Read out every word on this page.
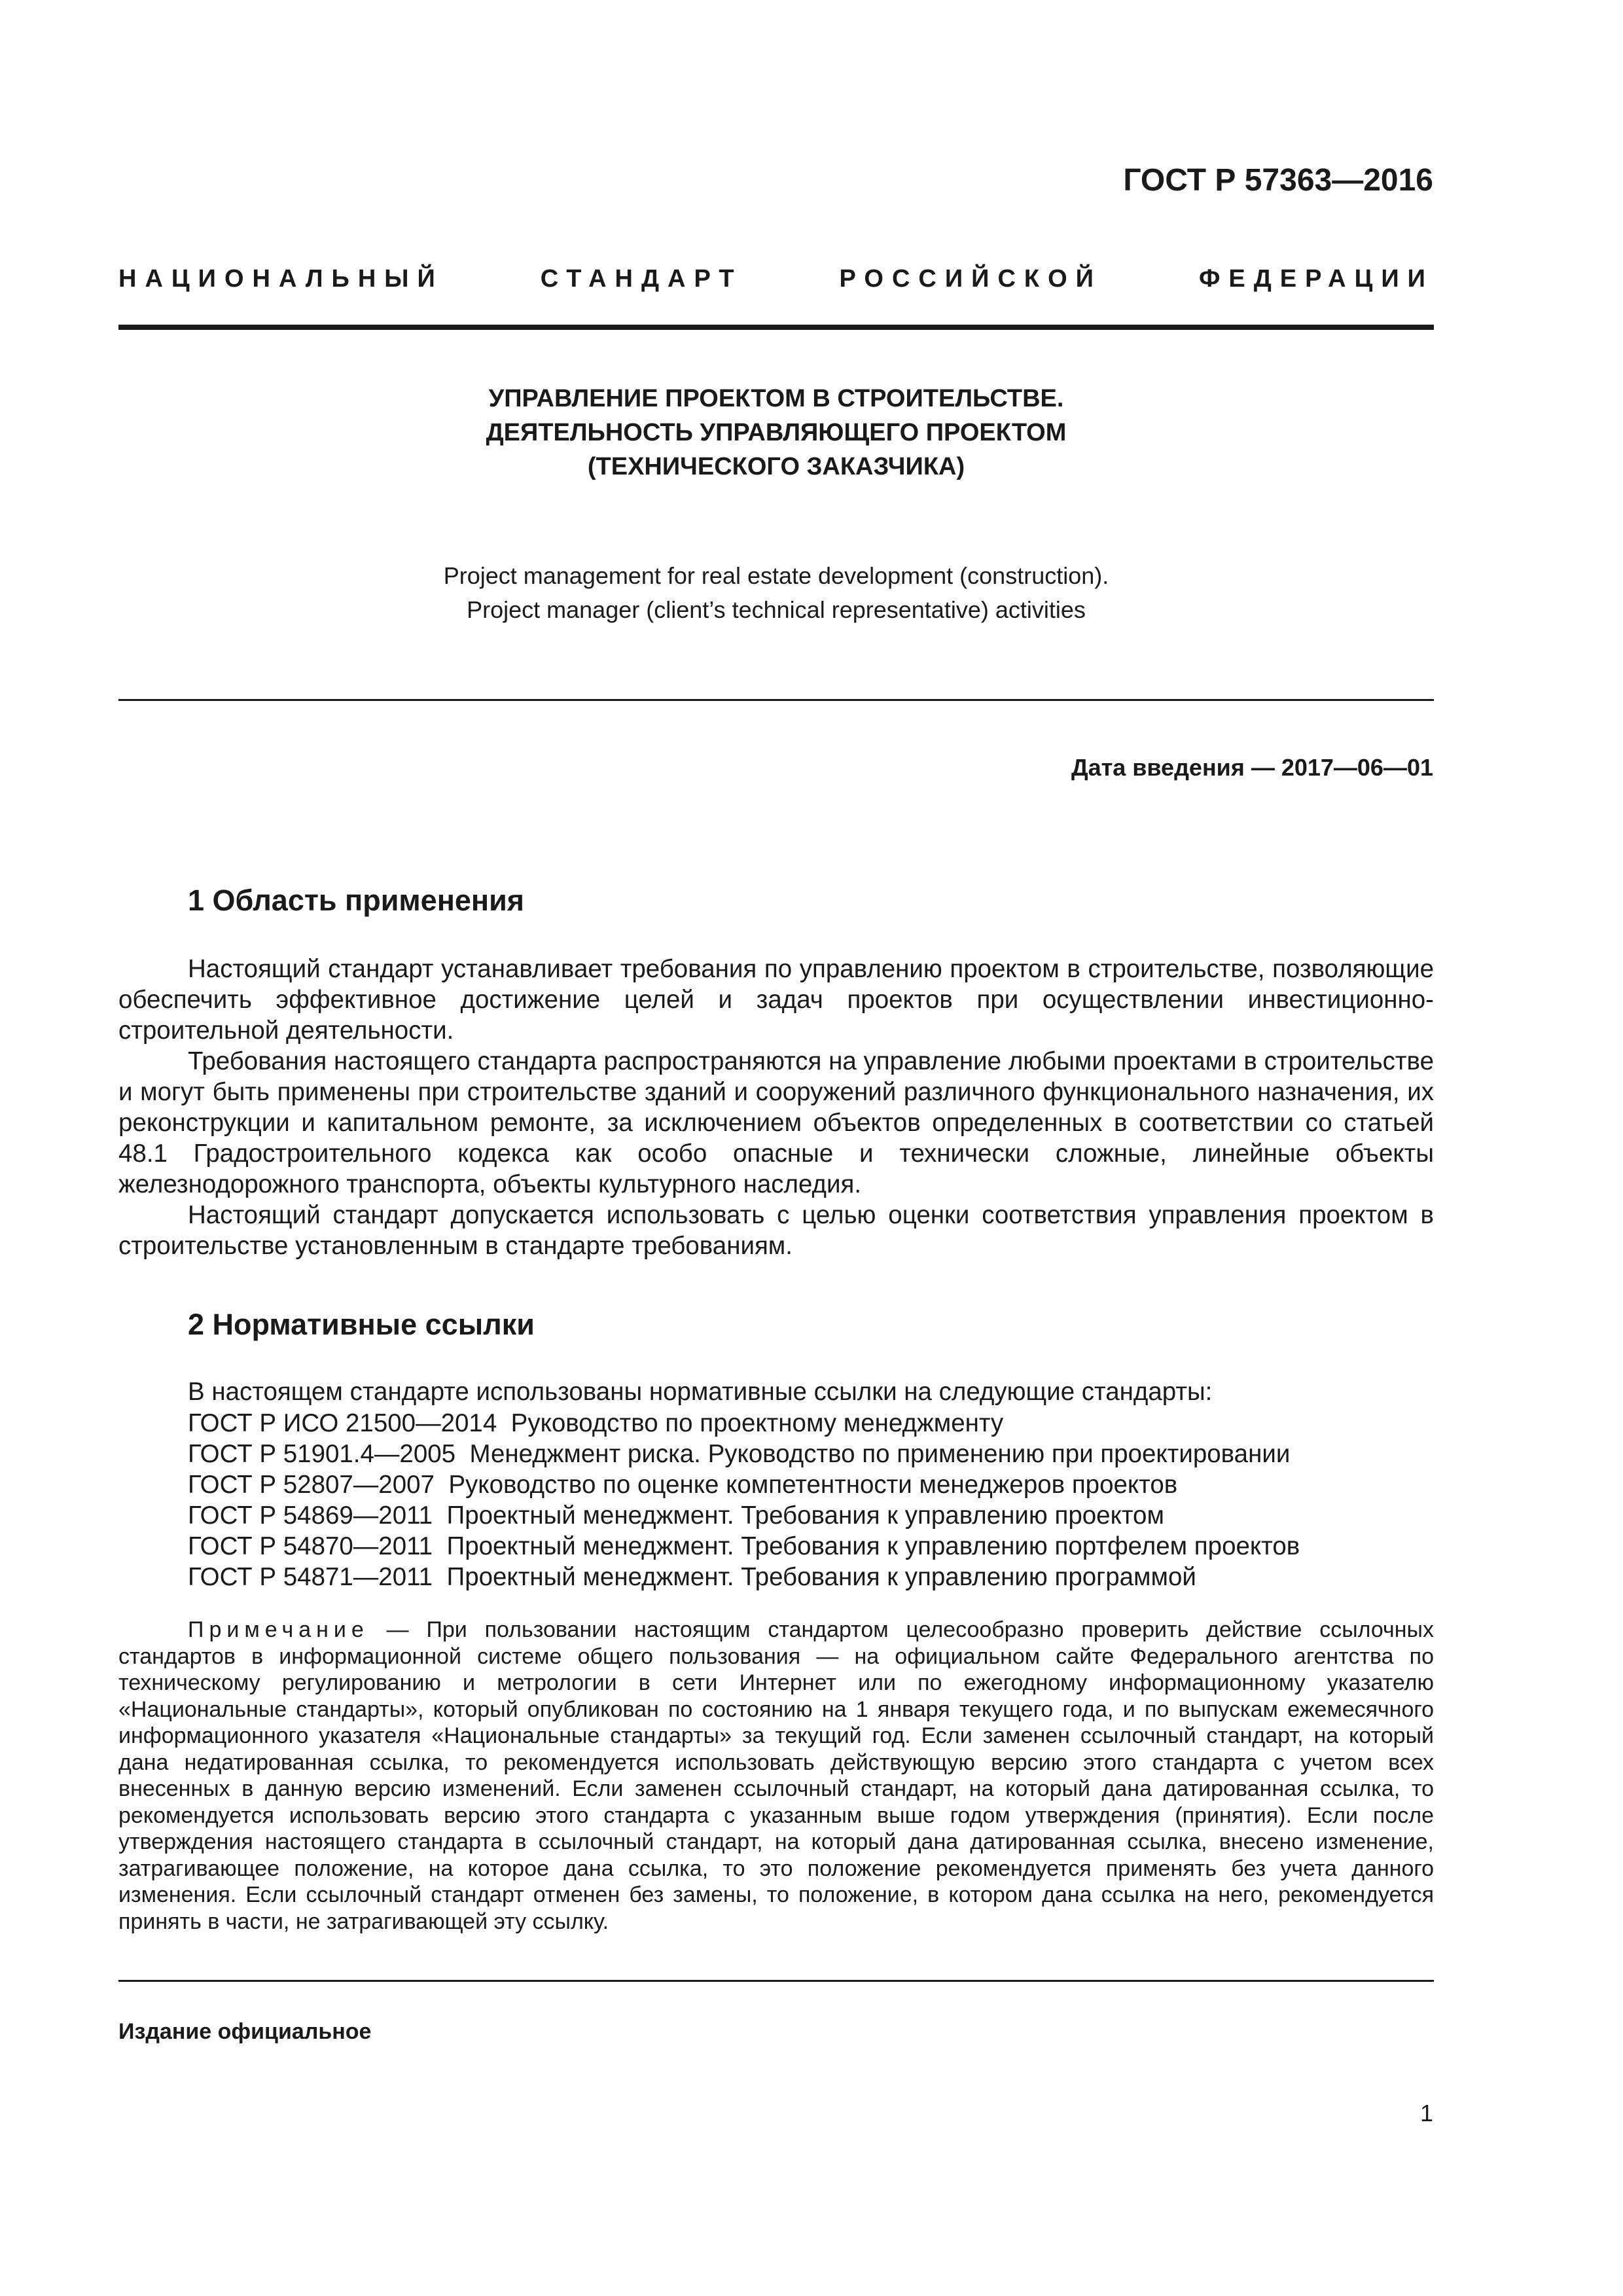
ГОСТ Р 57363—2016
НАЦИОНАЛЬНЫЙ	СТАНДАРТ	РОССИЙСКОЙ	ФЕДЕРАЦИИ
УПРАВЛЕНИЕ ПРОЕКТОМ В СТРОИТЕЛЬСТВЕ.
ДЕЯТЕЛЬНОСТЬ УПРАВЛЯЮЩЕГО ПРОЕКТОМ
(ТЕХНИЧЕСКОГО ЗАКАЗЧИКА)
Project management for real estate development (construction).
Project manager (client’s technical representative) activities
Дата введения — 2017—06—01
1 Область применения

Настоящий стандарт устанавливает требования по управлению проектом в строительстве, позволяющие обеспечить эффективное достижение целей и задач проектов при осуществлении инвестиционно-строительной деятельности.

Требования настоящего стандарта распространяются на управление любыми проектами в строительстве и могут быть применены при строительстве зданий и сооружений различного функционального назначения, их реконструкции и капитальном ремонте, за исключением объектов определенных в соответствии со статьей 48.1 Градостроительного кодекса как особо опасные и технически сложные, линейные объекты железнодорожного транспорта, объекты культурного наследия.

Настоящий стандарт допускается использовать с целью оценки соответствия управления проектом в строительстве установленным в стандарте требованиям.

2 Нормативные ссылки
В настоящем стандарте использованы нормативные ссылки на следующие стандарты:
ГОСТ Р ИСО 21500—2014 Руководство по проектному менеджменту
ГОСТ Р 51901.4—2005 Менеджмент риска. Руководство по применению при проектировании
ГОСТ Р 52807—2007 Руководство по оценке компетентности менеджеров проектов
ГОСТ Р 54869—2011 Проектный менеджмент. Требования к управлению проектом
ГОСТ Р 54870—2011 Проектный менеджмент. Требования к управлению портфелем проектов
ГОСТ Р 54871—2011 Проектный менеджмент. Требования к управлению программой

Примечание — При пользовании настоящим стандартом целесообразно проверить действие ссылочных стандартов в информационной системе общего пользования — на официальном сайте Федерального агентства по техническому регулированию и метрологии в сети Интернет или по ежегодному информационному указателю «Национальные стандарты», который опубликован по состоянию на 1 января текущего года, и по выпускам ежемесячного информационного указателя «Национальные стандарты» за текущий год. Если заменен ссылочный стандарт, на который дана недатированная ссылка, то рекомендуется использовать действующую версию этого стандарта с учетом всех внесенных в данную версию изменений. Если заменен ссылочный стандарт, на который дана датированная ссылка, то рекомендуется использовать версию этого стандарта с указанным выше годом утверждения (принятия). Если после утверждения настоящего стандарта в ссылочный стандарт, на который дана датированная ссылка, внесено изменение, затрагивающее положение, на которое дана ссылка, то это положение рекомендуется применять без учета данного изменения. Если ссылочный стандарт отменен без замены, то положение, в котором дана ссылка на него, рекомендуется принять в части, не затрагивающей эту ссылку.

Издание официальное
1
